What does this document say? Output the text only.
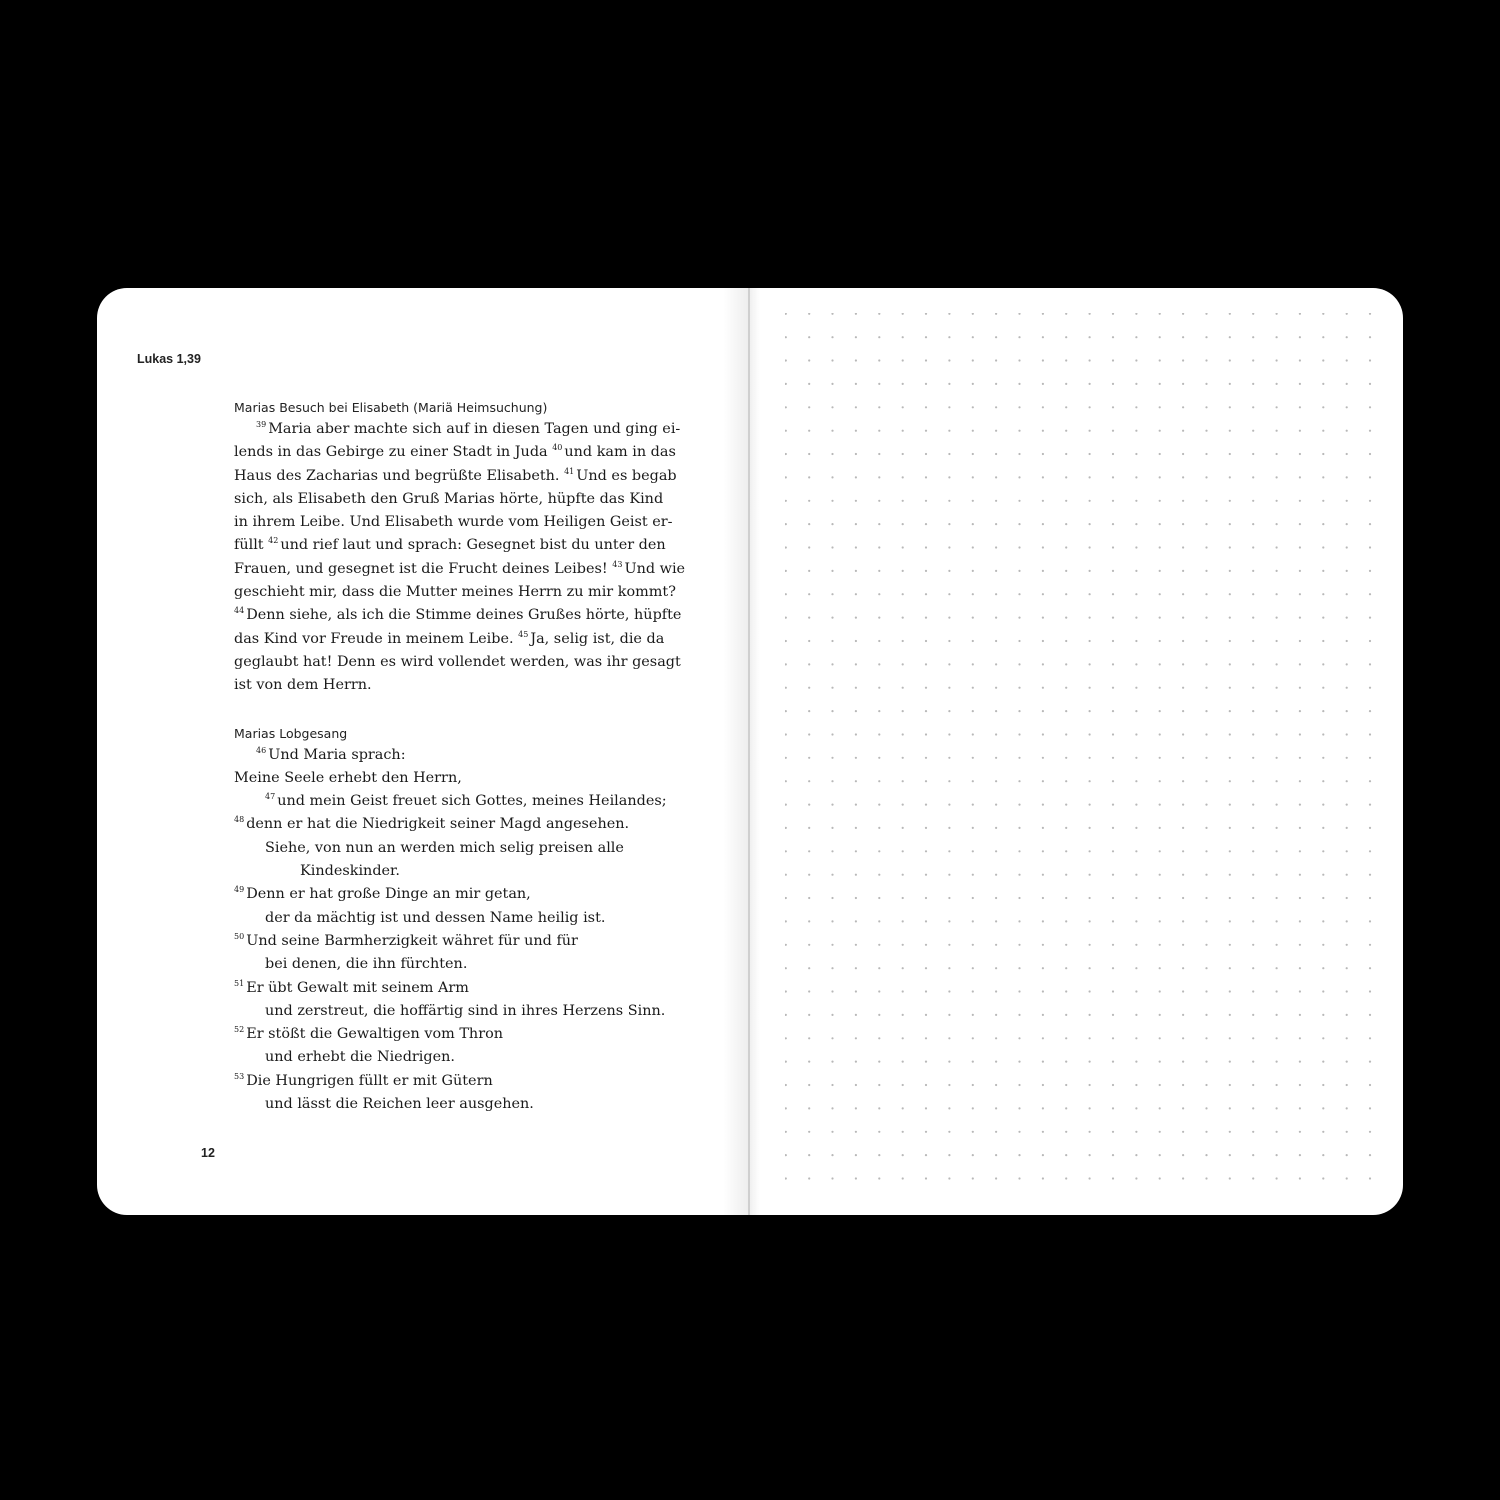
Lukas 1,39
Marias Besuch bei Elisabeth (Mariä Heimsuchung)
$^{39}$ Maria aber machte sich auf in diesen Tagen und ging ei-
lends in das Gebirge zu einer Stadt in Juda $^{40}$ und kam in das
Haus des Zacharias und begrüßte Elisabeth. $^{41}$ Und es begab
sich, als Elisabeth den Gruß Marias hörte, hüpfte das Kind
in ihrem Leibe. Und Elisabeth wurde vom Heiligen Geist er-
füllt $^{42}$ und rief laut und sprach: Gesegnet bist du unter den
Frauen, und gesegnet ist die Frucht deines Leibes! $^{43}$ Und wie
geschieht mir, dass die Mutter meines Herrn zu mir kommt?
$^{44}$ Denn siehe, als ich die Stimme deines Grußes hörte, hüpfte
das Kind vor Freude in meinem Leibe. $^{45}$ Ja, selig ist, die da
geglaubt hat! Denn es wird vollendet werden, was ihr gesagt
ist von dem Herrn.
Marias Lobgesang
$^{46}$ Und Maria sprach:
Meine Seele erhebt den Herrn,
$^{47}$ und mein Geist freuet sich Gottes, meines Heilandes;
$^{48}$ denn er hat die Niedrigkeit seiner Magd angesehen.
Siehe, von nun an werden mich selig preisen alle
Kindeskinder.
$^{49}$ Denn er hat große Dinge an mir getan,
der da mächtig ist und dessen Name heilig ist.
$^{50}$ Und seine Barmherzigkeit währet für und für
bei denen, die ihn fürchten.
$^{51}$ Er übt Gewalt mit seinem Arm
und zerstreut, die hoffärtig sind in ihres Herzens Sinn.
$^{52}$ Er stößt die Gewaltigen vom Thron
und erhebt die Niedrigen.
$^{53}$ Die Hungrigen füllt er mit Gütern
und lässt die Reichen leer ausgehen.
12
